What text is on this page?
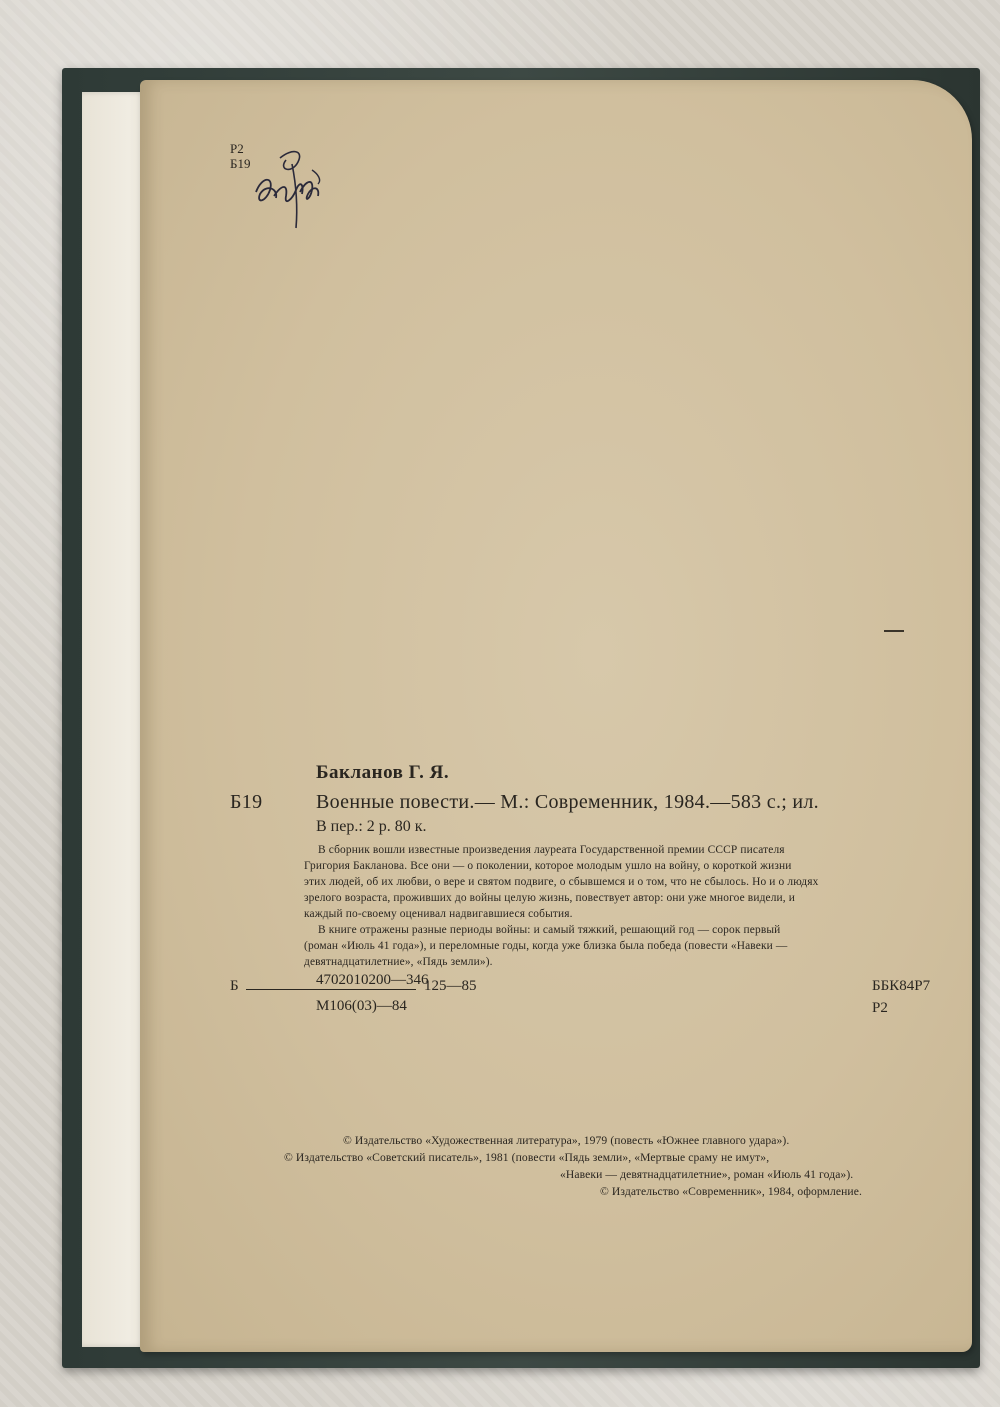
Р2
Б19
Бакланов Г. Я.
Б19	Военные повести.— М.: Современник, 1984.—583 с.; ил.
В пер.: 2 р. 80 к.
В сборник вошли известные произведения лауреата Государственной премии СССР писателя
Григория Бакланова. Все они — о поколении, которое молодым ушло на войну, о короткой жизни
этих людей, об их любви, о вере и святом подвиге, о сбывшемся и о том, что не сбылось. Но и о людях
зрелого возраста, проживших до войны целую жизнь, повествует автор: они уже многое видели, и
каждый по-своему оценивал надвигавшиеся события.
В книге отражены разные периоды войны: и самый тяжкий, решающий год — сорок первый
(роман «Июль 41 года»), и переломные годы, когда уже близка была победа (повести «Навеки —
девятнадцатилетние», «Пядь земли»).
4702010200—346
Б	125—85
М106(03)—84
ББК84Р7
Р2
© Издательство «Художественная литература», 1979 (повесть «Южнее главного удара»).
© Издательство «Советский писатель», 1981 (повести «Пядь земли», «Мертвые сраму не имут»,
«Навеки — девятнадцатилетние», роман «Июль 41 года»).
© Издательство «Современник», 1984, оформление.
